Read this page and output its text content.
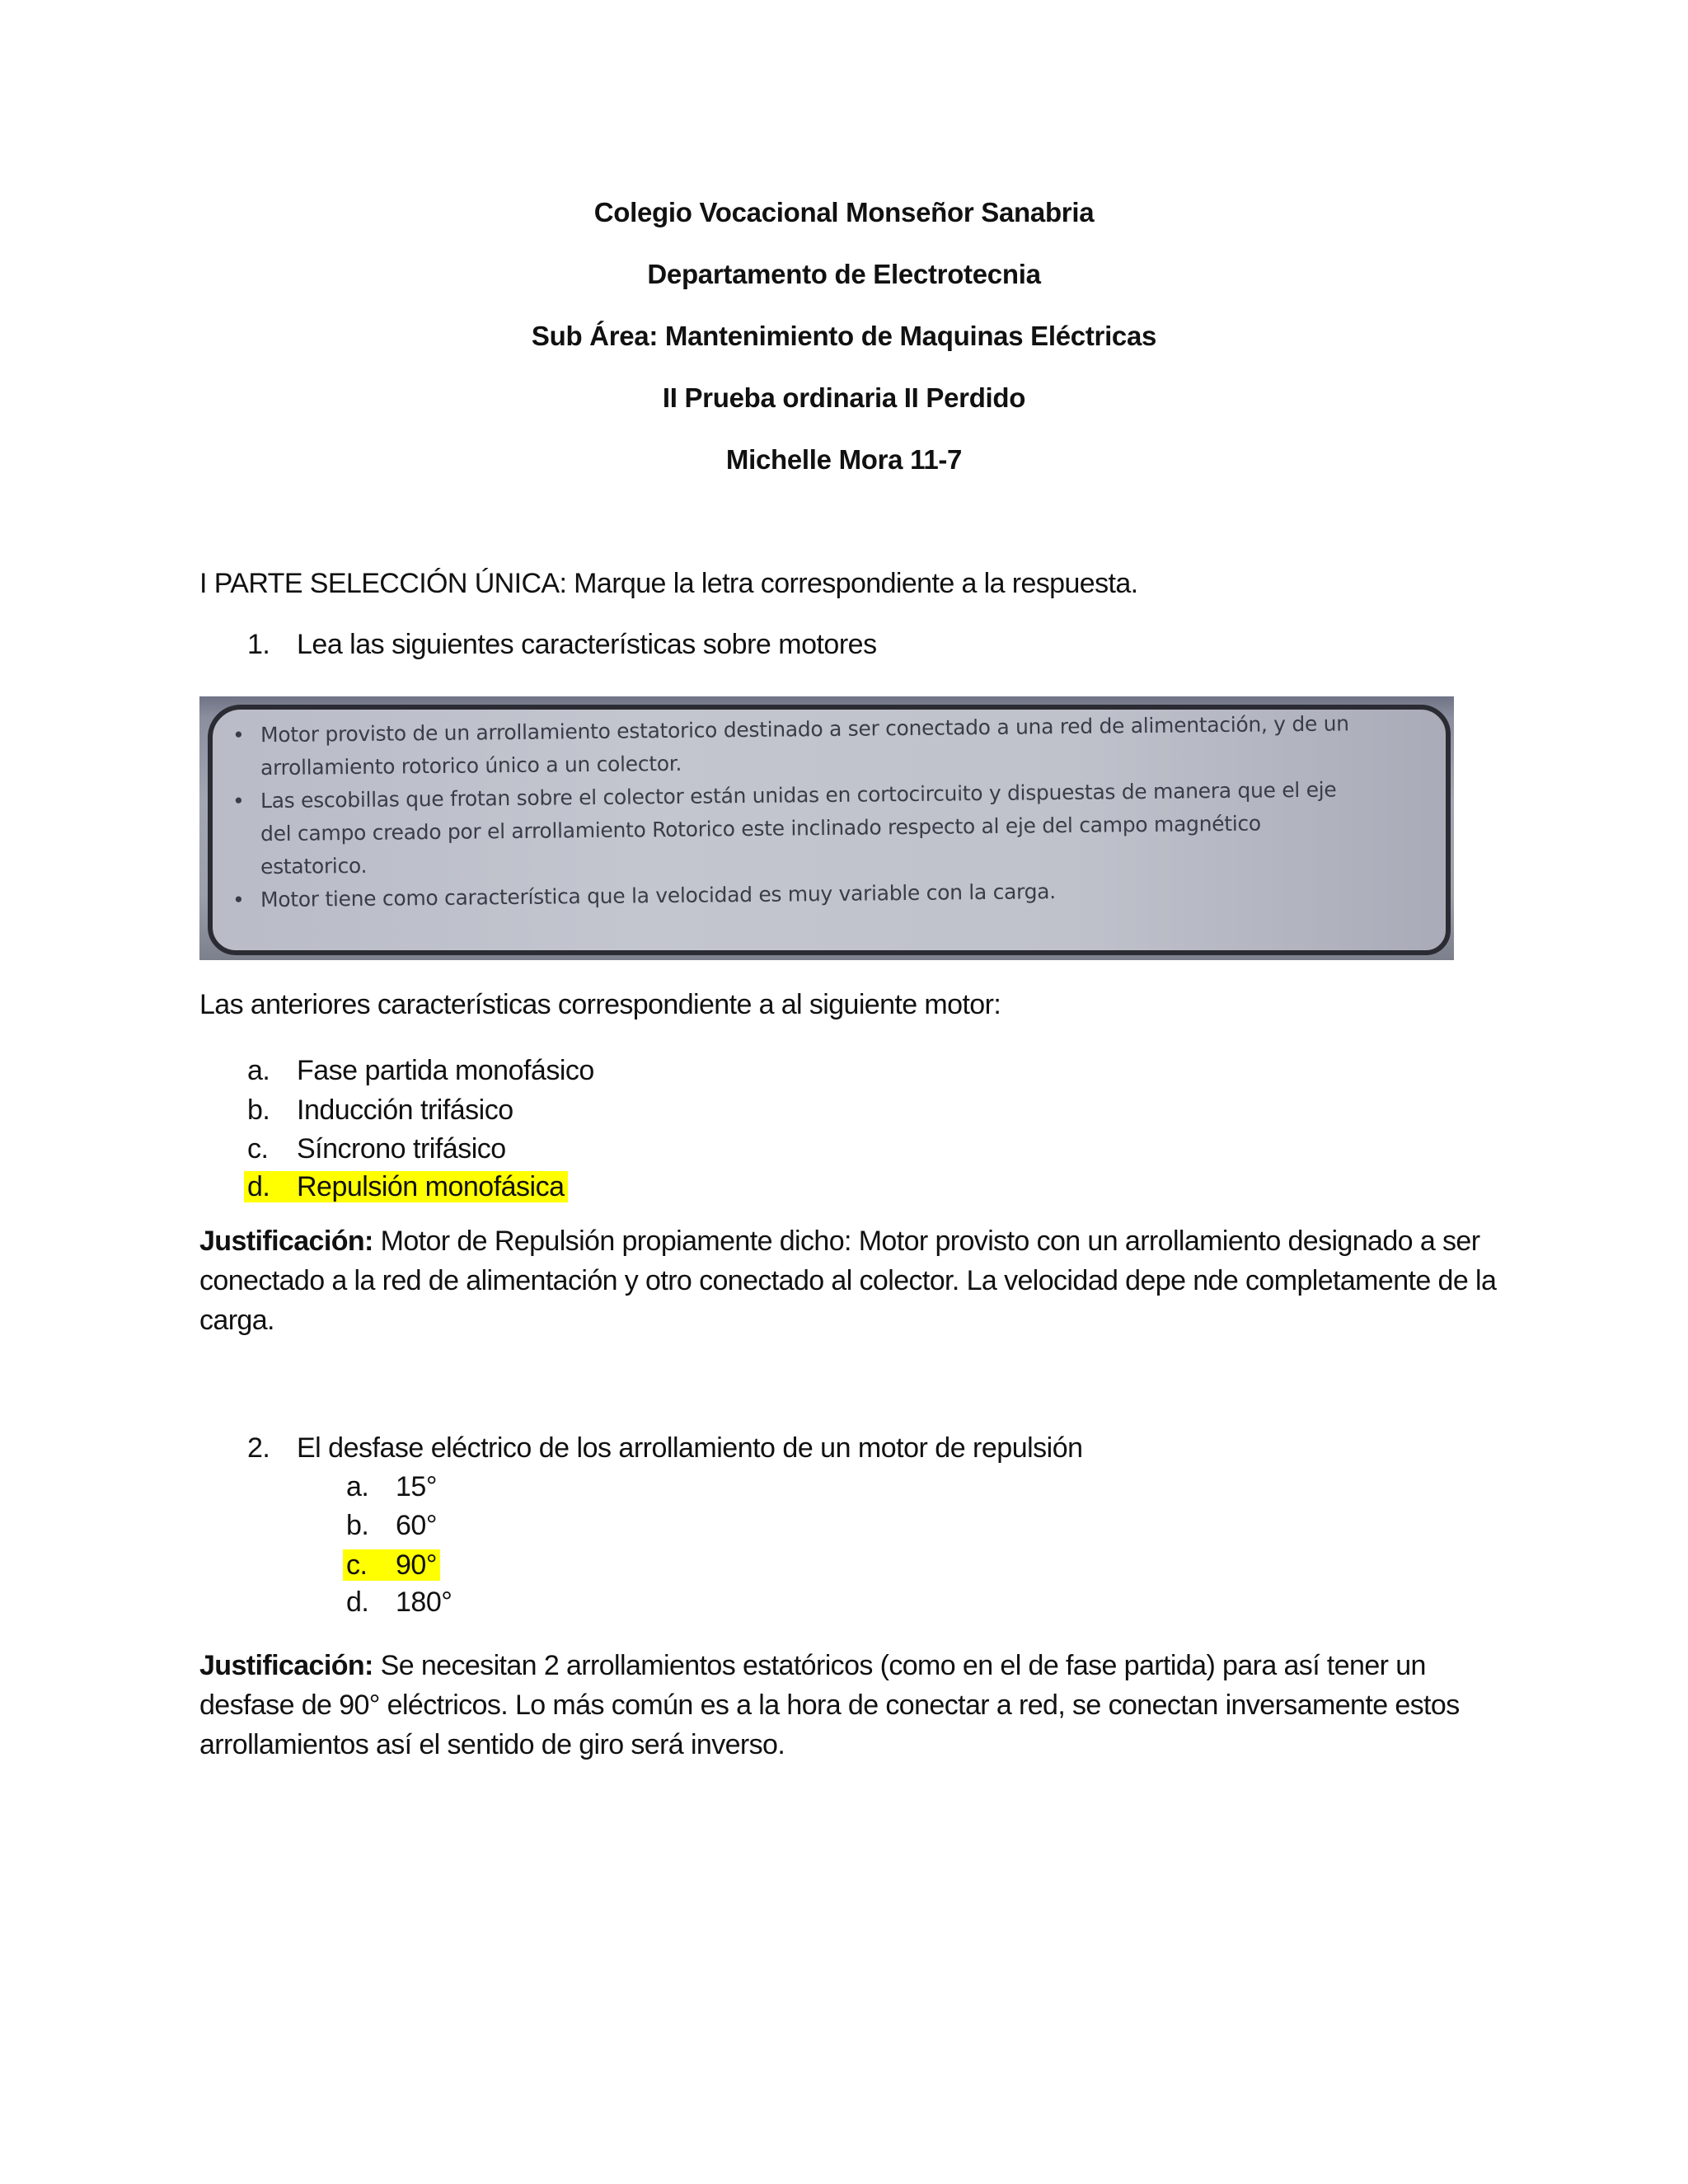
Colegio Vocacional Monseñor Sanabria
Departamento de Electrotecnia
Sub Área: Mantenimiento de Maquinas Eléctricas
II Prueba ordinaria II Perdido
Michelle Mora 11-7
I PARTE SELECCIÓN ÚNICA: Marque la letra correspondiente a la respuesta.
1. Lea las siguientes características sobre motores
• Motor provisto de un arrollamiento estatorico destinado a ser conectado a una red de alimentación, y de un
arrollamiento rotorico único a un colector.
• Las escobillas que frotan sobre el colector están unidas en cortocircuito y dispuestas de manera que el eje
del campo creado por el arrollamiento Rotorico este inclinado respecto al eje del campo magnético
estatorico.
• Motor tiene como característica que la velocidad es muy variable con la carga.
Las anteriores características correspondiente a al siguiente motor:
a. Fase partida monofásico
b. Inducción trifásico
c. Síncrono trifásico
d. Repulsión monofásica
Justificación: Motor de Repulsión propiamente dicho: Motor provisto con un arrollamiento designado a ser conectado a la red de alimentación y otro conectado al colector. La velocidad depe nde completamente de la carga.
2. El desfase eléctrico de los arrollamiento de un motor de repulsión
a. 15°
b. 60°
c. 90°
d. 180°
Justificación: Se necesitan 2 arrollamientos estatóricos (como en el de fase partida) para así tener un desfase de 90° eléctricos. Lo más común es a la hora de conectar a red, se conectan inversamente estos arrollamientos así el sentido de giro será inverso.
